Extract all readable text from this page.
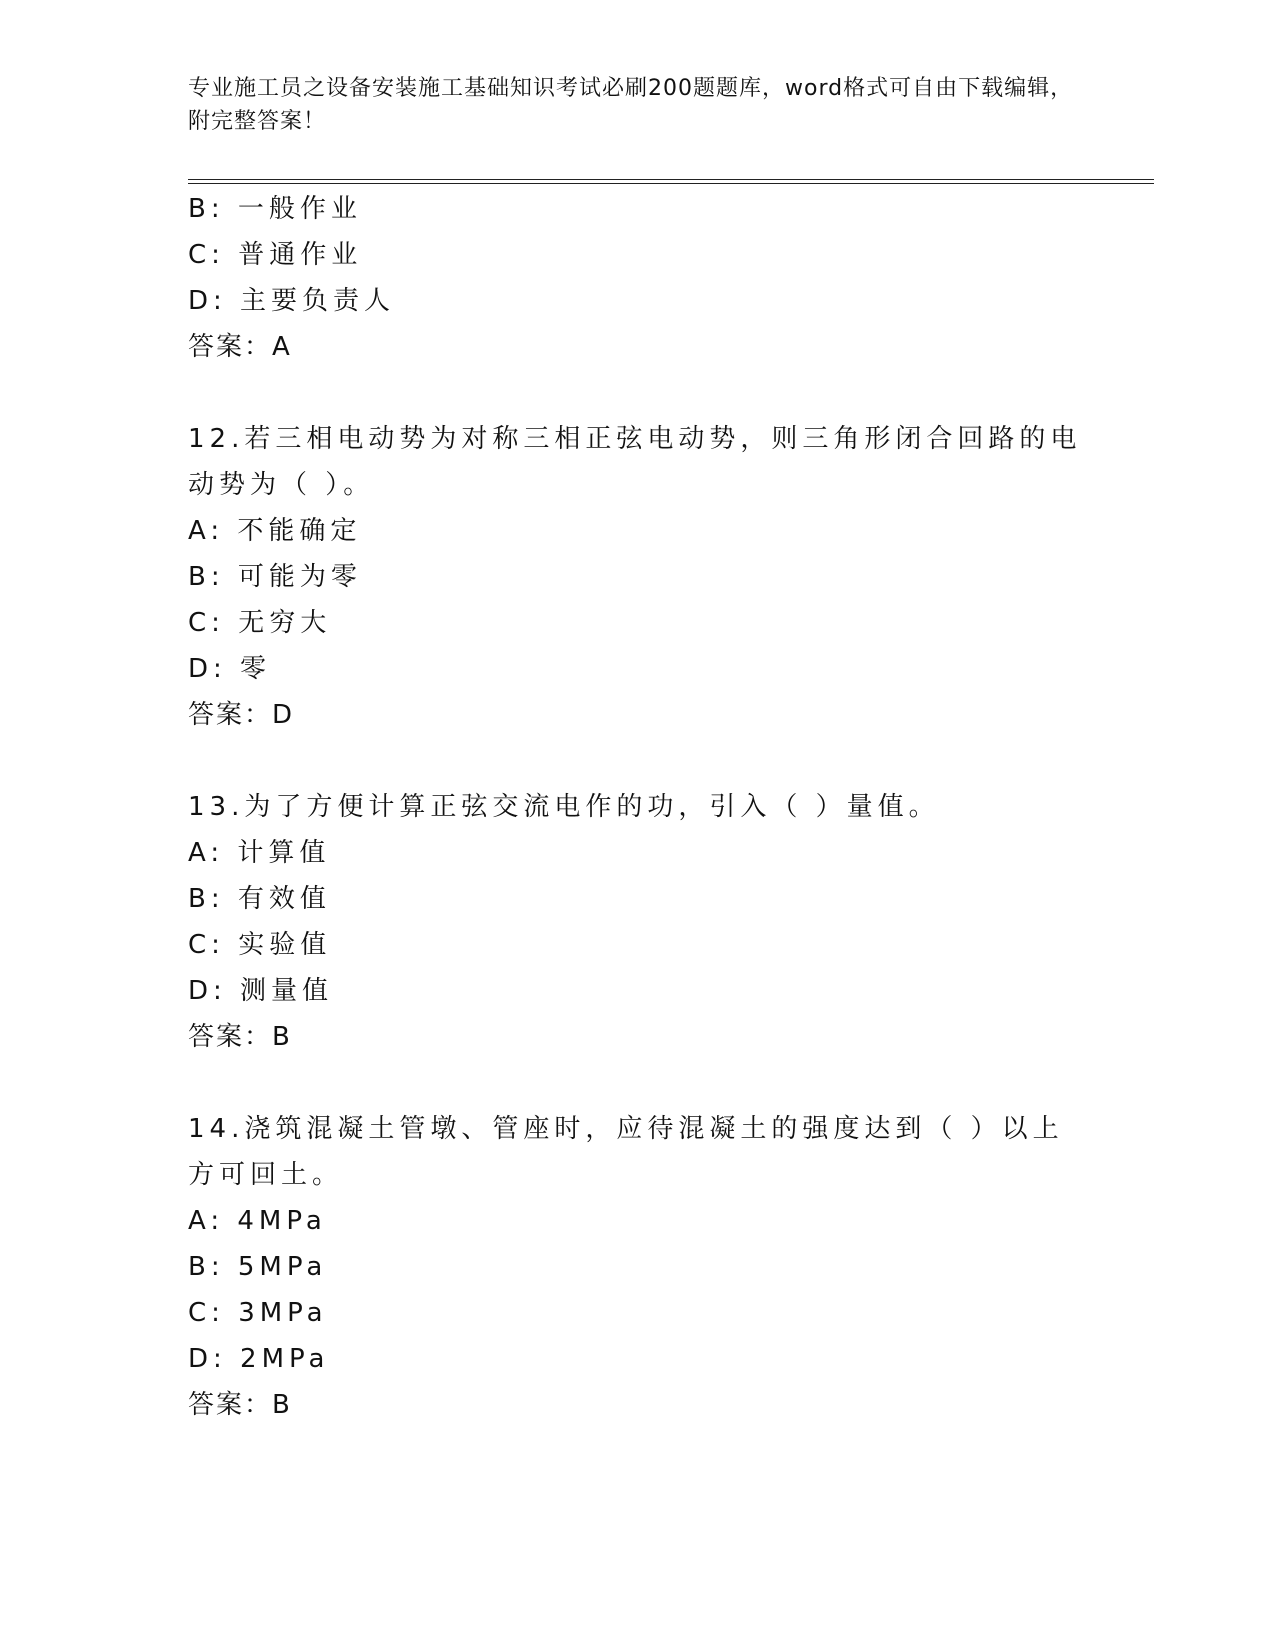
专业施工员之设备安装施工基础知识考试必刷200题题库，word格式可自由下载编辑，附完整答案！
B: 一般作业
C: 普通作业
D: 主要负责人
答案：A
12.若三相电动势为对称三相正弦电动势，则三角形闭合回路的电动势为（ ）。
A: 不能确定
B: 可能为零
C: 无穷大
D: 零
答案：D
13.为了方便计算正弦交流电作的功，引入（ ）量值。
A: 计算值
B: 有效值
C: 实验值
D: 测量值
答案：B
14.浇筑混凝土管墩、管座时，应待混凝土的强度达到（ ）以上方可回土。
A: 4MPa
B: 5MPa
C: 3MPa
D: 2MPa
答案：B
